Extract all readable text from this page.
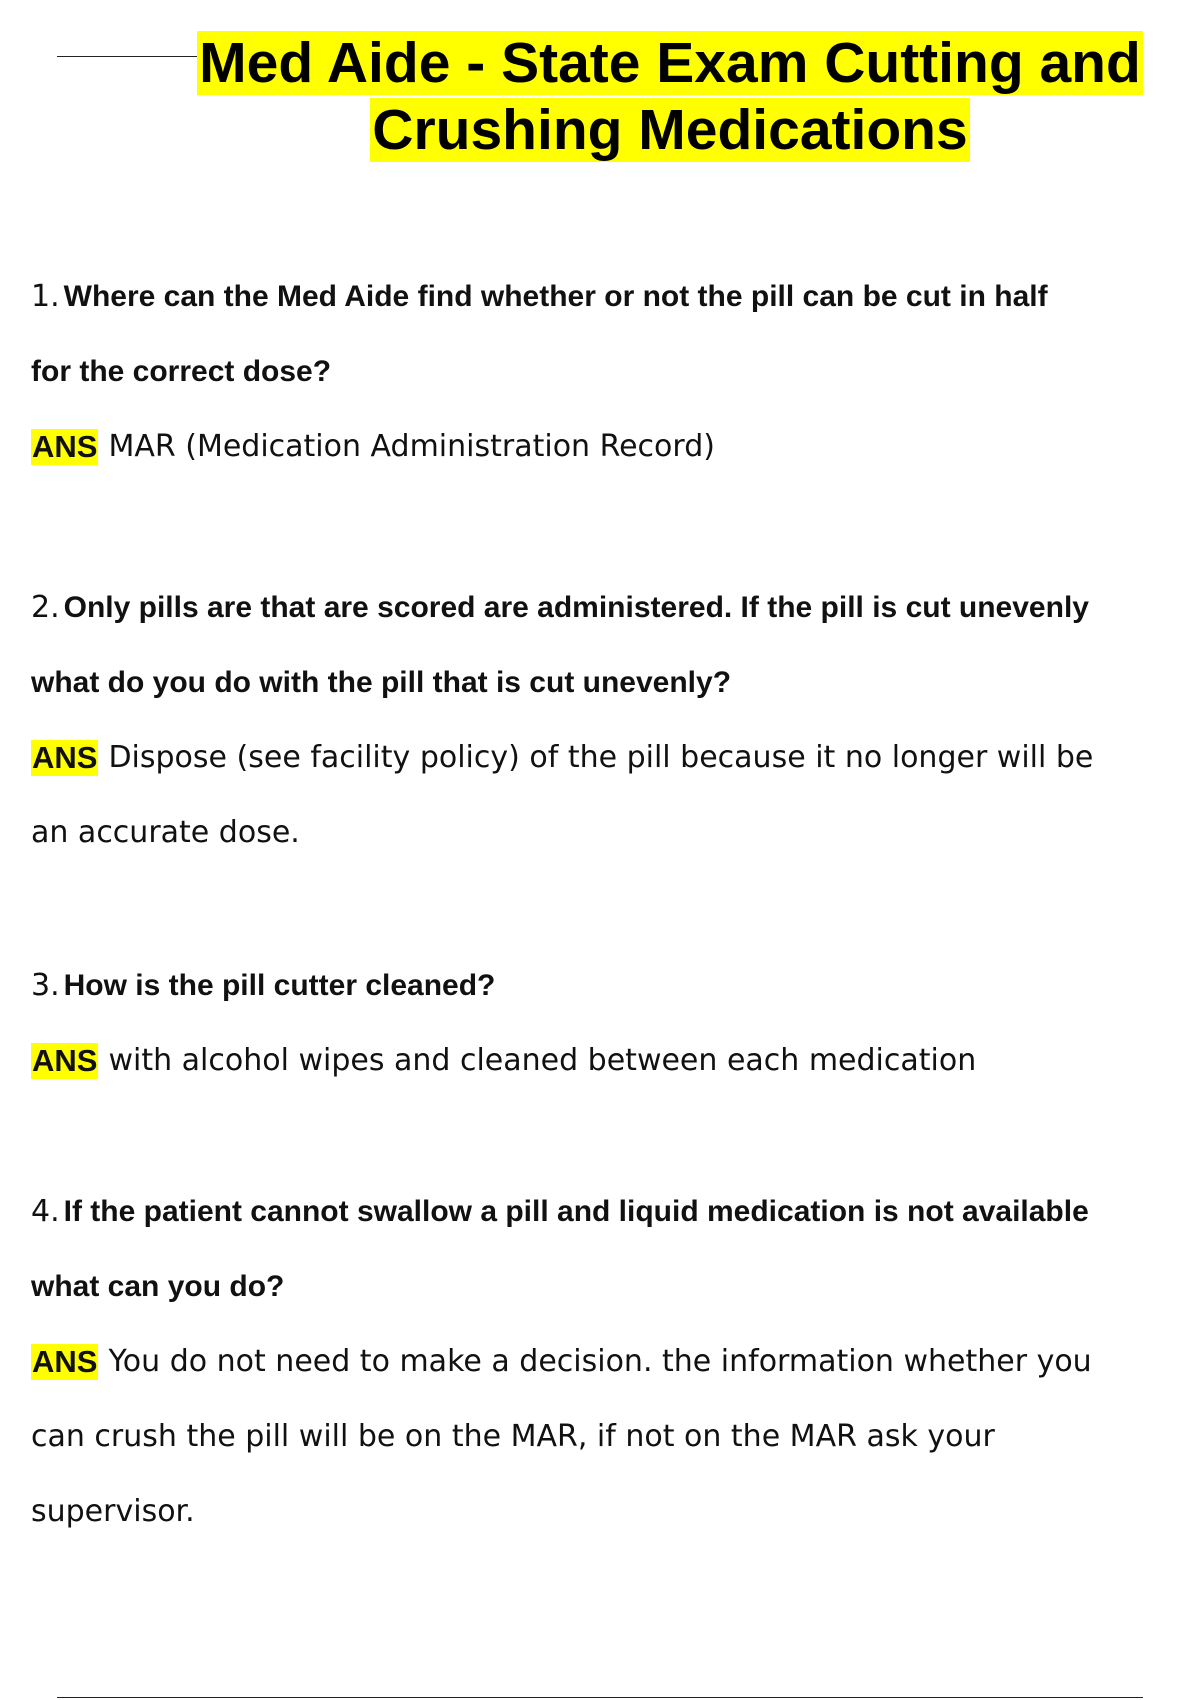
Med Aide - State Exam Cutting and
Crushing Medications
1. Where can the Med Aide find whether or not the pill can be cut in half
for the correct dose?
ANS MAR (Medication Administration Record)
2. Only pills are that are scored are administered. If the pill is cut unevenly
what do you do with the pill that is cut unevenly?
ANS Dispose (see facility policy) of the pill because it no longer will be
an accurate dose.
3. How is the pill cutter cleaned?
ANS with alcohol wipes and cleaned between each medication
4. If the patient cannot swallow a pill and liquid medication is not available
what can you do?
ANS You do not need to make a decision. the information whether you
can crush the pill will be on the MAR, if not on the MAR ask your
supervisor.
